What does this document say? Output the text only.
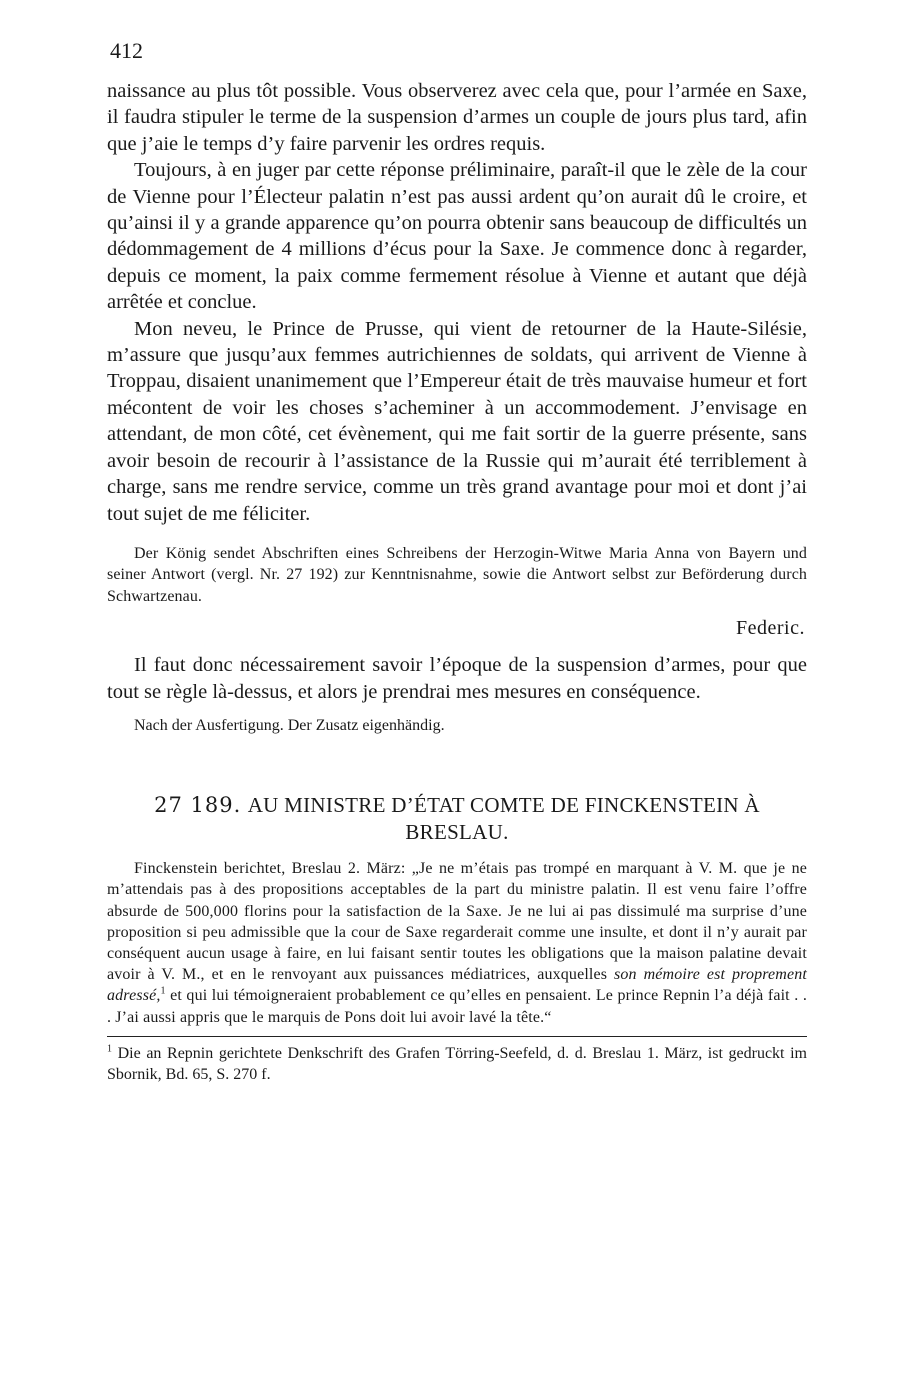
412

naissance au plus tôt possible. Vous observerez avec cela que, pour l’armée en Saxe, il faudra stipuler le terme de la suspension d’armes un couple de jours plus tard, afin que j’aie le temps d’y faire parvenir les ordres requis.

Toujours, à en juger par cette réponse préliminaire, paraît-il que le zèle de la cour de Vienne pour l’Électeur palatin n’est pas aussi ardent qu’on aurait dû le croire, et qu’ainsi il y a grande apparence qu’on pourra obtenir sans beaucoup de difficultés un dédommagement de 4 millions d’écus pour la Saxe. Je commence donc à regarder, depuis ce moment, la paix comme fermement résolue à Vienne et autant que déjà arrêtée et conclue.

Mon neveu, le Prince de Prusse, qui vient de retourner de la Haute-Silésie, m’assure que jusqu’aux femmes autrichiennes de soldats, qui arrivent de Vienne à Troppau, disaient unanimement que l’Empereur était de très mauvaise humeur et fort mécontent de voir les choses s’acheminer à un accommodement. J’envisage en attendant, de mon côté, cet évènement, qui me fait sortir de la guerre présente, sans avoir besoin de recourir à l’assistance de la Russie qui m’aurait été terriblement à charge, sans me rendre service, comme un très grand avantage pour moi et dont j’ai tout sujet de me féliciter.

Der König sendet Abschriften eines Schreibens der Herzogin-Witwe Maria Anna von Bayern und seiner Antwort (vergl. Nr. 27 192) zur Kenntnisnahme, sowie die Antwort selbst zur Beförderung durch Schwartzenau.

Federic.

Il faut donc nécessairement savoir l’époque de la suspension d’armes, pour que tout se règle là-dessus, et alors je prendrai mes mesures en conséquence.

Nach der Ausfertigung. Der Zusatz eigenhändig.

27 189. AU MINISTRE D’ÉTAT COMTE DE FINCKENSTEIN À BRESLAU.

Finckenstein berichtet, Breslau 2. März: „Je ne m’étais pas trompé en marquant à V. M. que je ne m’attendais pas à des propositions acceptables de la part du ministre palatin. Il est venu faire l’offre absurde de 500,000 florins pour la satisfaction de la Saxe. Je ne lui ai pas dissimulé ma surprise d’une proposition si peu admissible que la cour de Saxe regarderait comme une insulte, et dont il n’y aurait par conséquent aucun usage à faire, en lui faisant sentir toutes les obligations que la maison palatine devait avoir à V. M., et en le renvoyant aux puissances médiatrices, auxquelles son mémoire est proprement adressé,$^1$ et qui lui témoigneraient probablement ce qu’elles en pensaient. Le prince Repnin l’a déjà fait . . . J’ai aussi appris que le marquis de Pons doit lui avoir lavé la tête.“

$^1$ Die an Repnin gerichtete Denkschrift des Grafen Törring-Seefeld, d. d. Breslau 1. März, ist gedruckt im Sbornik, Bd. 65, S. 270 f.
